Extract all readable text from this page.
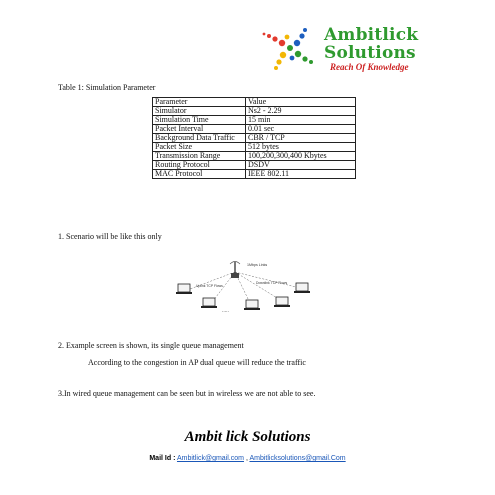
Ambitlick
Solutions
Reach Of Knowledge
Table 1: Simulation Parameter
Parameter	Value
Simulator	Ns2 - 2.29
Simulation Time	15 min
Packet Interval	0.01 sec
Background Data Traffic	CBR / TCP
Packet Size	512 bytes
Transmission Range	100,200,300,400 Kbytes
Routing Protocol	DSDV
MAC Protocol	IEEE 802.11
1. Scenario will be like this only
1Mbps Links
Uplink TCP Flows
Downlink TCP Flows
.....
2. Example screen is shown, its single queue management
According to the congestion in AP dual queue will reduce the traffic
3.In wired queue management can be seen but in wireless we are not able to see.
Ambit lick Solutions
Mail Id : Ambitlick@gmail.com , Ambitlicksolutions@gmail.Com
